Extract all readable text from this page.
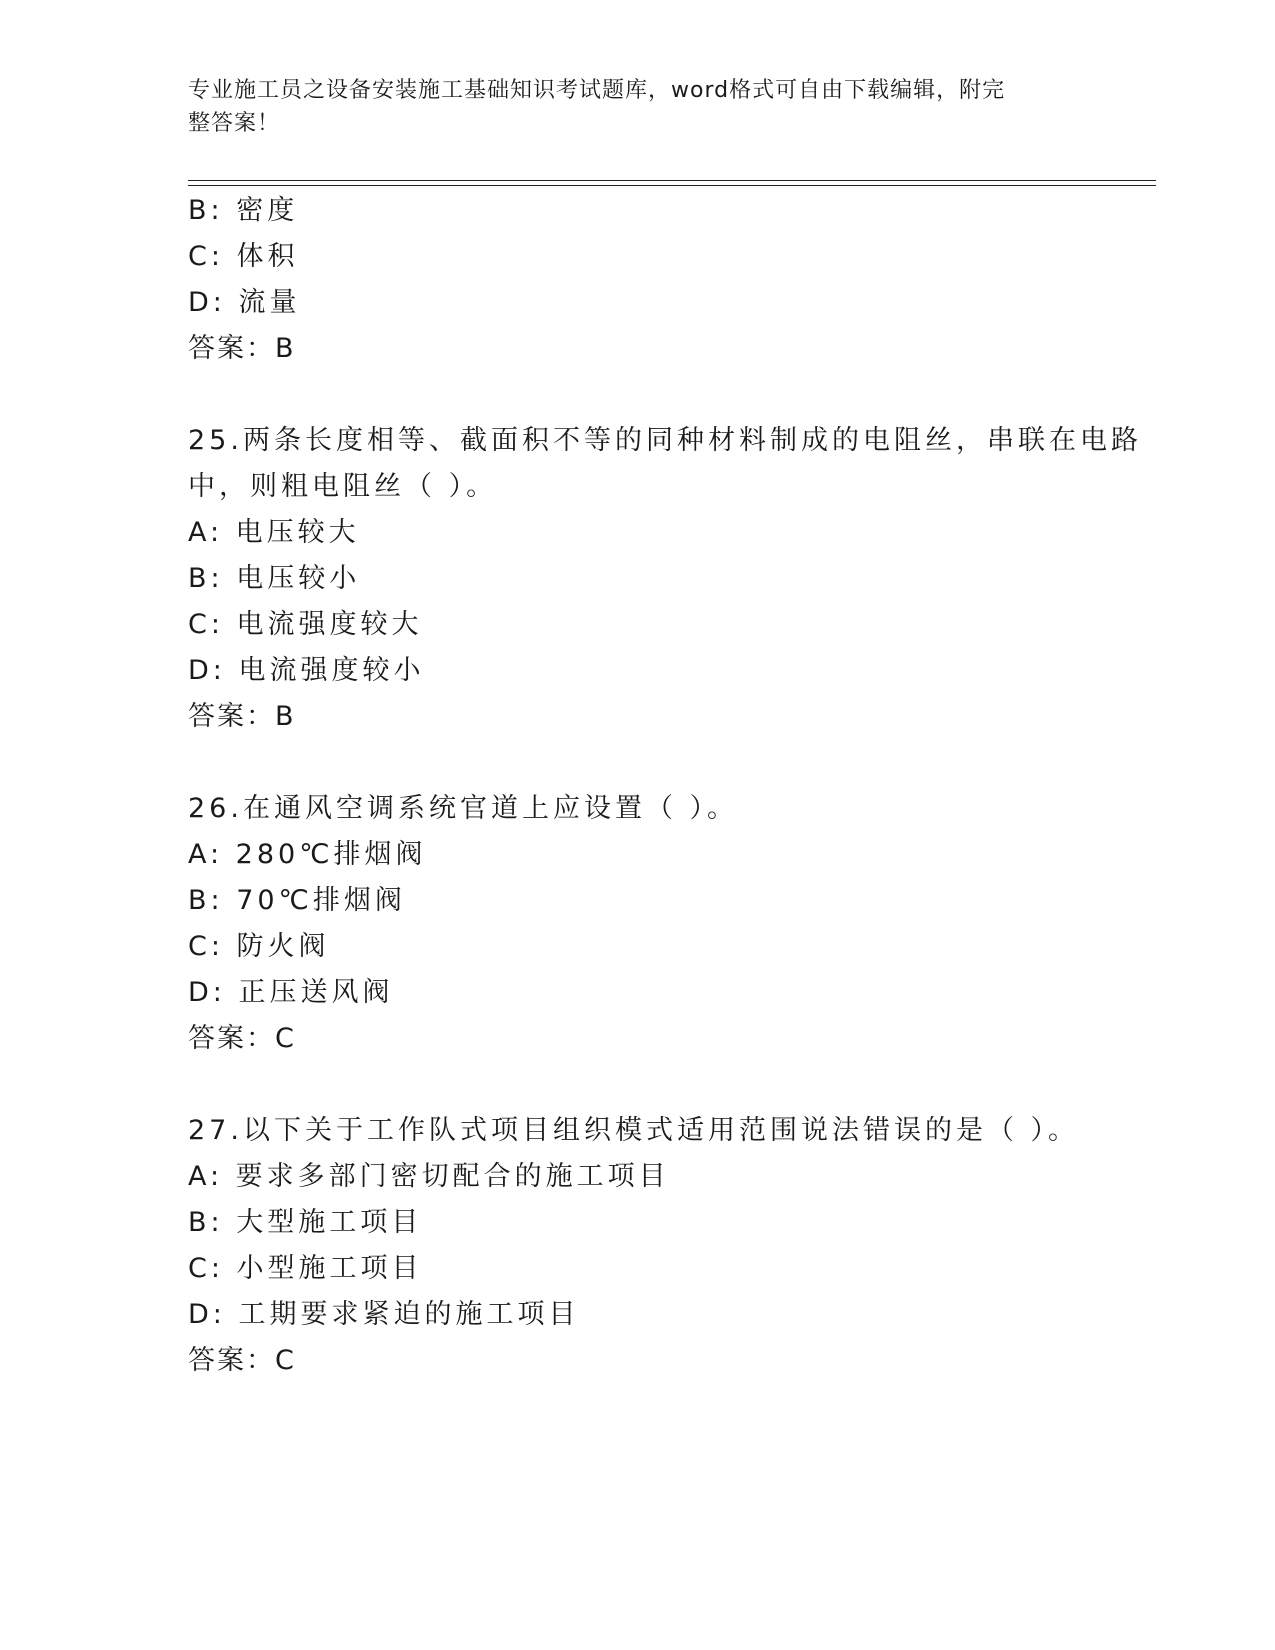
专业施工员之设备安装施工基础知识考试题库，word格式可自由下载编辑，附完
整答案！
B: 密度
C: 体积
D: 流量
答案：B
25.两条长度相等、截面积不等的同种材料制成的电阻丝，串联在电路
中，则粗电阻丝（ ）。
A: 电压较大
B: 电压较小
C: 电流强度较大
D: 电流强度较小
答案：B
26.在通风空调系统官道上应设置（ ）。
A: 280℃排烟阀
B: 70℃排烟阀
C: 防火阀
D: 正压送风阀
答案：C
27.以下关于工作队式项目组织模式适用范围说法错误的是（ ）。
A: 要求多部门密切配合的施工项目
B: 大型施工项目
C: 小型施工项目
D: 工期要求紧迫的施工项目
答案：C
